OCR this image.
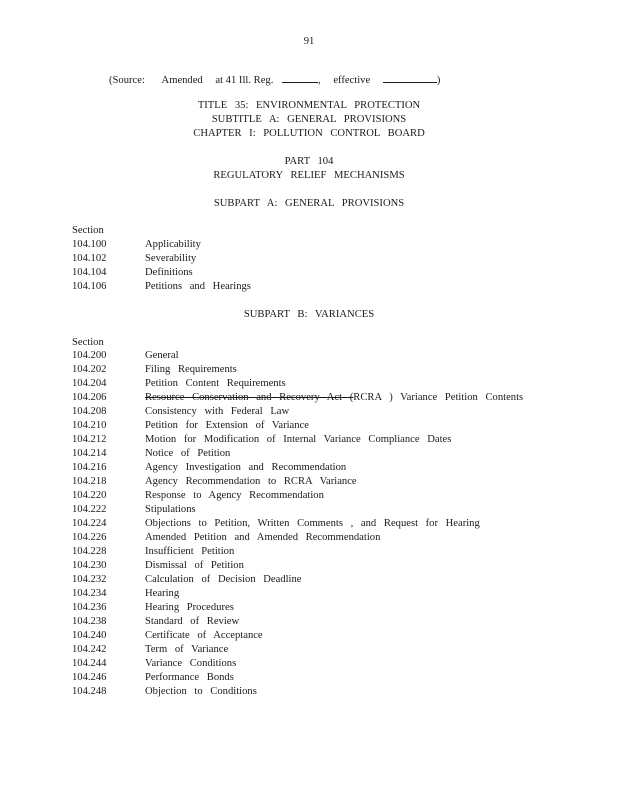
91
(Source: Amended at 41 Ill. Reg.	, effective	)
TITLE 35: ENVIRONMENTAL PROTECTION
SUBTITLE A: GENERAL PROVISIONS
CHAPTER I: POLLUTION CONTROL BOARD
PART 104
REGULATORY RELIEF MECHANISMS
SUBPART A: GENERAL PROVISIONS
Section
104.100	Applicability
104.102	Severability
104.104	Definitions
104.106	Petitions and Hearings
SUBPART B: VARIANCES
Section
104.200	General
104.202	Filing Requirements
104.204	Petition Content Requirements
104.206	Resource Conservation and Recovery Act (RCRA ) Variance Petition Contents
104.208	Consistency with Federal Law
104.210	Petition for Extension of Variance
104.212	Motion for Modification of Internal Variance Compliance Dates
104.214	Notice of Petition
104.216	Agency Investigation and Recommendation
104.218	Agency Recommendation to RCRA Variance
104.220	Response to Agency Recommendation
104.222	Stipulations
104.224	Objections to Petition, Written Comments , and Request for Hearing
104.226	Amended Petition and Amended Recommendation
104.228	Insufficient Petition
104.230	Dismissal of Petition
104.232	Calculation of Decision Deadline
104.234	Hearing
104.236	Hearing Procedures
104.238	Standard of Review
104.240	Certificate of Acceptance
104.242	Term of Variance
104.244	Variance Conditions
104.246	Performance Bonds
104.248	Objection to Conditions
